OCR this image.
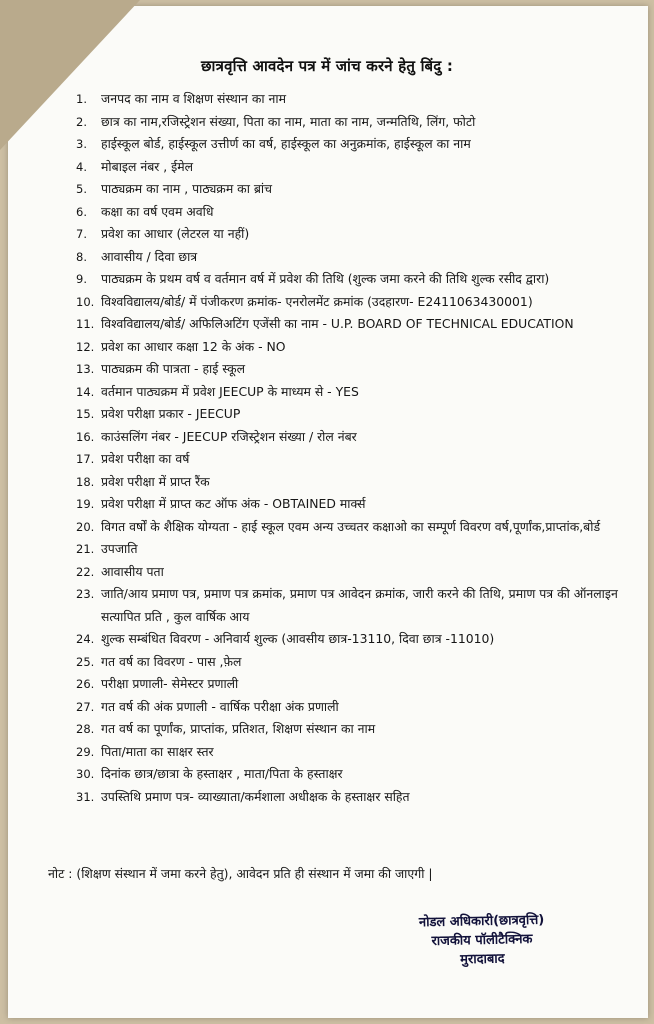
छात्रवृत्ति आवदेन पत्र में जांच करने हेतु बिंदु :
1.	जनपद का नाम व शिक्षण संस्थान का नाम
2.	छात्र का नाम,रजिस्ट्रेशन संख्या, पिता का नाम, माता का नाम, जन्मतिथि, लिंग, फोटो
3.	हाईस्कूल बोर्ड, हाईस्कूल उत्तीर्ण का वर्ष, हाईस्कूल का अनुक्रमांक, हाईस्कूल का नाम
4.	मोबाइल नंबर , ईमेल
5.	पाठ्यक्रम का नाम , पाठ्यक्रम का ब्रांच
6.	कक्षा का वर्ष एवम अवधि
7.	प्रवेश का आधार (लेटरल या नहीं)
8.	आवासीय / दिवा छात्र
9.	पाठ्यक्रम के प्रथम वर्ष व वर्तमान वर्ष में प्रवेश की तिथि (शुल्क जमा करने की तिथि शुल्क रसीद द्वारा)
10. विश्वविद्यालय/बोर्ड/ में पंजीकरण क्रमांक- एनरोलमेंट क्रमांक (उदहारण- E2411063430001)
11. विश्वविद्यालय/बोर्ड/ अफिलिअटिंग एजेंसी का नाम - U.P. BOARD OF TECHNICAL EDUCATION
12. प्रवेश का आधार कक्षा 12 के अंक - NO
13. पाठ्यक्रम की पात्रता - हाई स्कूल
14. वर्तमान पाठ्यक्रम में प्रवेश JEECUP के माध्यम से - YES
15. प्रवेश परीक्षा प्रकार - JEECUP
16. काउंसलिंग नंबर - JEECUP रजिस्ट्रेशन संख्या / रोल नंबर
17. प्रवेश परीक्षा का वर्ष
18. प्रवेश परीक्षा में प्राप्त रैंक
19. प्रवेश परीक्षा में प्राप्त कट ऑफ अंक - OBTAINED मार्क्स
20. विगत वर्षों के शैक्षिक योग्यता - हाई स्कूल एवम अन्य उच्चतर कक्षाओ का सम्पूर्ण विवरण वर्ष,पूर्णांक,प्राप्तांक,बोर्ड
21. उपजाति
22. आवासीय पता
23. जाति/आय प्रमाण पत्र, प्रमाण पत्र क्रमांक, प्रमाण पत्र आवेदन क्रमांक, जारी करने की तिथि, प्रमाण पत्र की ऑनलाइन सत्यापित प्रति , कुल वार्षिक आय
24. शुल्क सम्बंधित विवरण - अनिवार्य शुल्क (आवसीय छात्र-13110, दिवा छात्र -11010)
25. गत वर्ष का विवरण - पास ,फ़ेल
26. परीक्षा प्रणाली- सेमेस्टर प्रणाली
27. गत वर्ष की अंक प्रणाली - वार्षिक परीक्षा अंक प्रणाली
28. गत वर्ष का पूर्णांक, प्राप्तांक, प्रतिशत, शिक्षण संस्थान का नाम
29. पिता/माता का साक्षर स्तर
30. दिनांक छात्र/छात्रा के हस्ताक्षर , माता/पिता के हस्ताक्षर
31. उपस्तिथि प्रमाण पत्र- व्याख्याता/कर्मशाला अधीक्षक के हस्ताक्षर सहित
नोट : (शिक्षण संस्थान में जमा करने हेतु), आवेदन प्रति ही संस्थान में जमा की जाएगी |
नोडल अधिकारी(छात्रवृत्ति)
राजकीय पॉलीटैक्निक
मुरादाबाद
